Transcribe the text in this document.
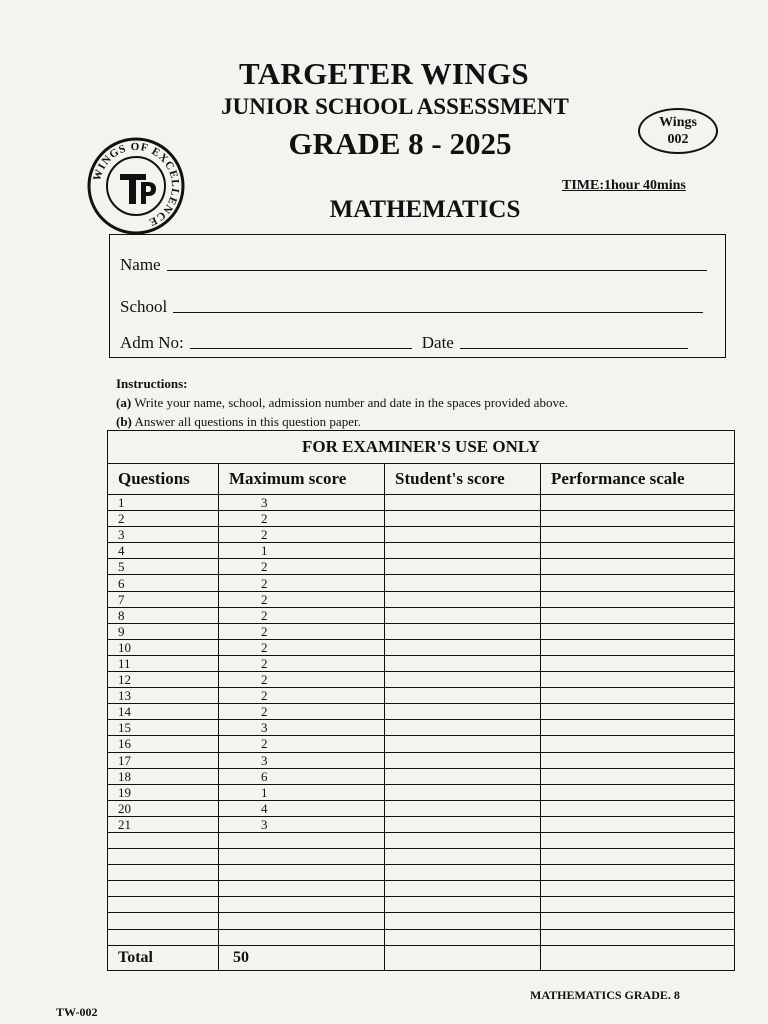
TARGETER WINGS
JUNIOR SCHOOL ASSESSMENT
GRADE 8 - 2025
Wings
002
TIME:1hour 40mins
WINGS OF EXCELLENCE	MATHEMATICS
Name
School
Adm No:	Date
Instructions:
(a) Write your name, school, admission number and date in the spaces provided above.
(b) Answer all questions in this question paper.
FOR EXAMINER'S USE ONLY			
Questions	Maximum score	Student's score	Performance scale
1	3		
2	2		
3	2		
4	1		
5	2		
6	2		
7	2		
8	2		
9	2		
10	2		
11	2		
12	2		
13	2		
14	2		
15	3		
16	2		
17	3		
18	6		
19	1		
20	4		
21	3		

Total	50		
MATHEMATICS GRADE. 8
TW-002
